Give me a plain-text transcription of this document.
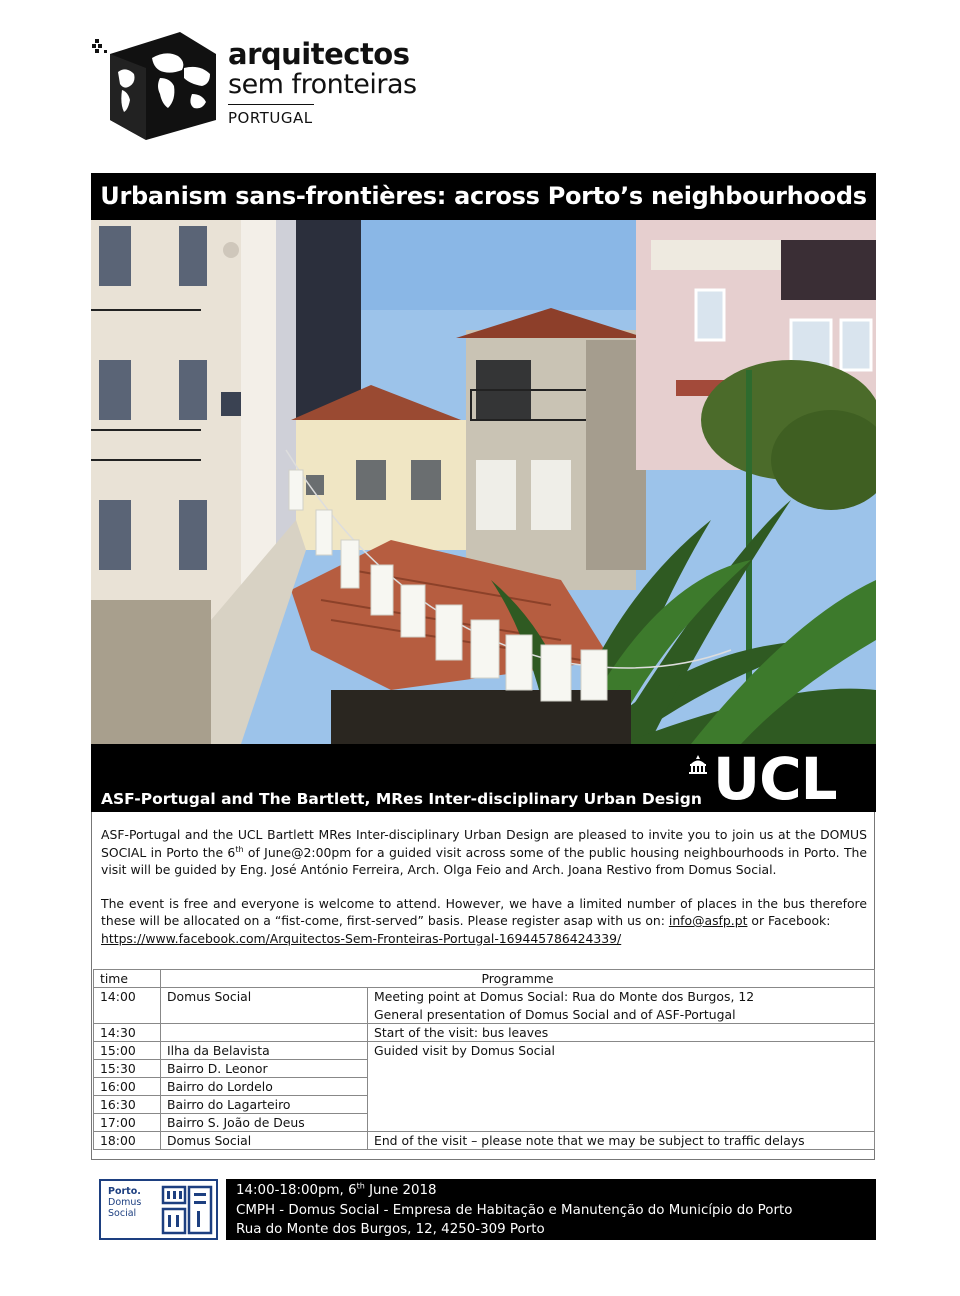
arquitectos
sem fronteiras
PORTUGAL
Urbanism sans-frontières: across Porto’s neighbourhoods
ASF-Portugal and The Bartlett, MRes Inter-disciplinary Urban Design UCL

ASF-Portugal and the UCL Bartlett MRes Inter-disciplinary Urban Design are pleased to invite you to join us at the DOMUS SOCIAL in Porto the 6th of June@2:00pm for a guided visit across some of the public housing neighbourhoods in Porto. The visit will be guided by Eng. José António Ferreira, Arch. Olga Feio and Arch. Joana Restivo from Domus Social.

The event is free and everyone is welcome to attend. However, we have a limited number of places in the bus therefore these will be allocated on a “fist-come, first-served” basis. Please register asap with us on: info@asfp.pt or Facebook:
https://www.facebook.com/Arquitectos-Sem-Fronteiras-Portugal-169445786424339/

time	Programme	
14:00	Domus Social	Meeting point at Domus Social: Rua do Monte dos Burgos, 12
General presentation of Domus Social and of ASF-Portugal

14:30		Start of the visit: bus leaves
15:00	Ilha da Belavista	Guided visit by Domus Social
15:30	Bairro D. Leonor	
16:00	Bairro do Lordelo	
16:30	Bairro do Lagarteiro	
17:00	Bairro S. João de Deus	
18:00	Domus Social	End of the visit – please note that we may be subject to traffic delays
Porto.
Domus
Social
14:00-18:00pm, 6th June 2018
CMPH - Domus Social - Empresa de Habitação e Manutenção do Município do Porto
Rua do Monte dos Burgos, 12, 4250-309 Porto
